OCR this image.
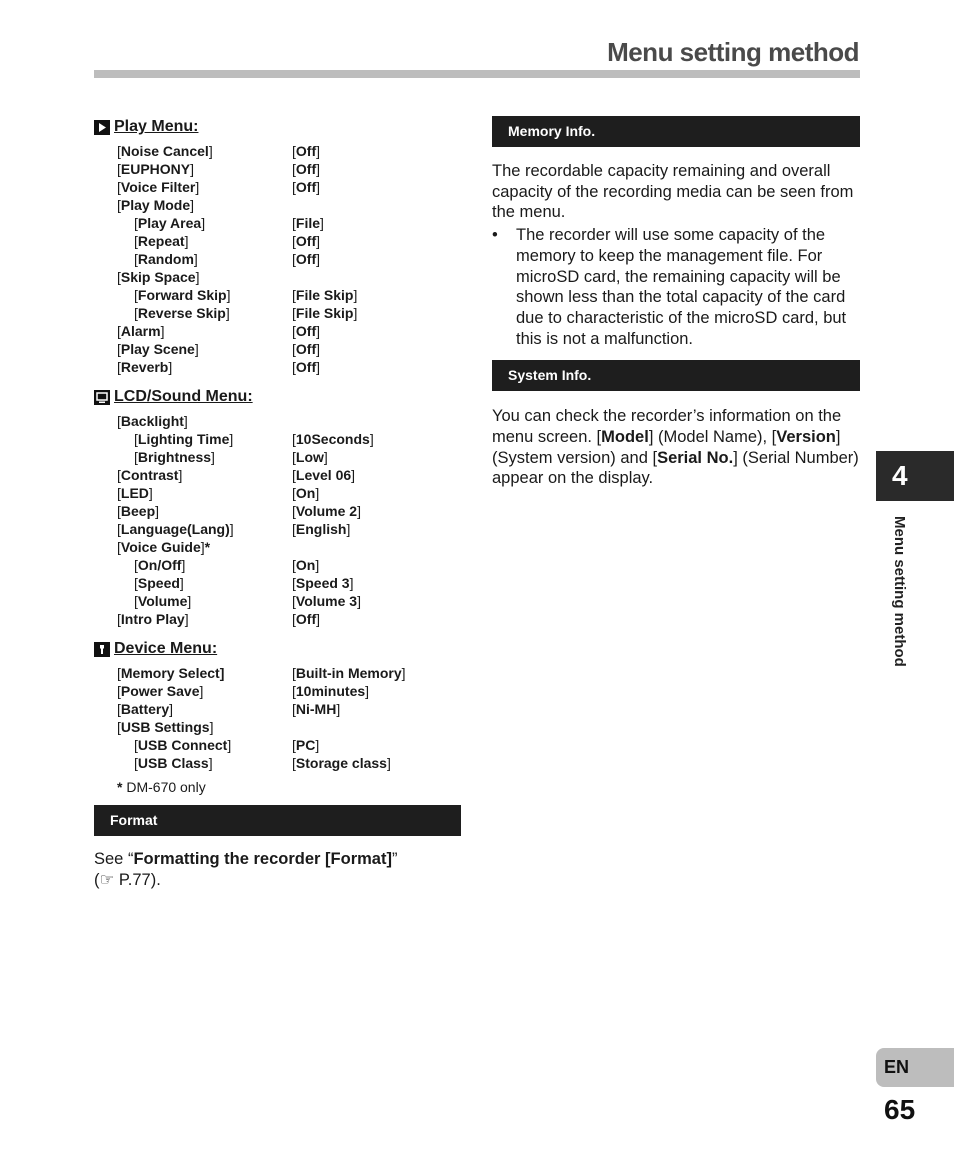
Menu setting method
Play Menu:
[Noise Cancel]	[Off]
[EUPHONY]	[Off]
[Voice Filter]	[Off]
[Play Mode]
[Play Area]	[File]
[Repeat]	[Off]
[Random]	[Off]
[Skip Space]
[Forward Skip]	[File Skip]
[Reverse Skip]	[File Skip]
[Alarm]	[Off]
[Play Scene]	[Off]
[Reverb]	[Off]
LCD/Sound Menu:
[Backlight]
[Lighting Time]	[10Seconds]
[Brightness]	[Low]
[Contrast]	[Level 06]
[LED]	[On]
[Beep]	[Volume 2]
[Language(Lang)]	[English]
[Voice Guide]*
[On/Off]	[On]
[Speed]	[Speed 3]
[Volume]	[Volume 3]
[Intro Play]	[Off]
Device Menu:
[Memory Select]	[Built-in Memory]
[Power Save]	[10minutes]
[Battery]	[Ni-MH]
[USB Settings]
[USB Connect]	[PC]
[USB Class]	[Storage class]
* DM-670 only
Format
See “Formatting the recorder [Format]”
(☞ P.77).
Memory Info.
The recordable capacity remaining and overall capacity of the recording media can be seen from the menu.
•	The recorder will use some capacity of the memory to keep the management file. For microSD card, the remaining capacity will be shown less than the total capacity of the card due to characteristic of the microSD card, but this is not a malfunction.
System Info.
You can check the recorder’s information on the menu screen. [Model] (Model Name), [Version] (System version) and [Serial No.] (Serial Number) appear on the display.	4
Menu setting method
EN
65
